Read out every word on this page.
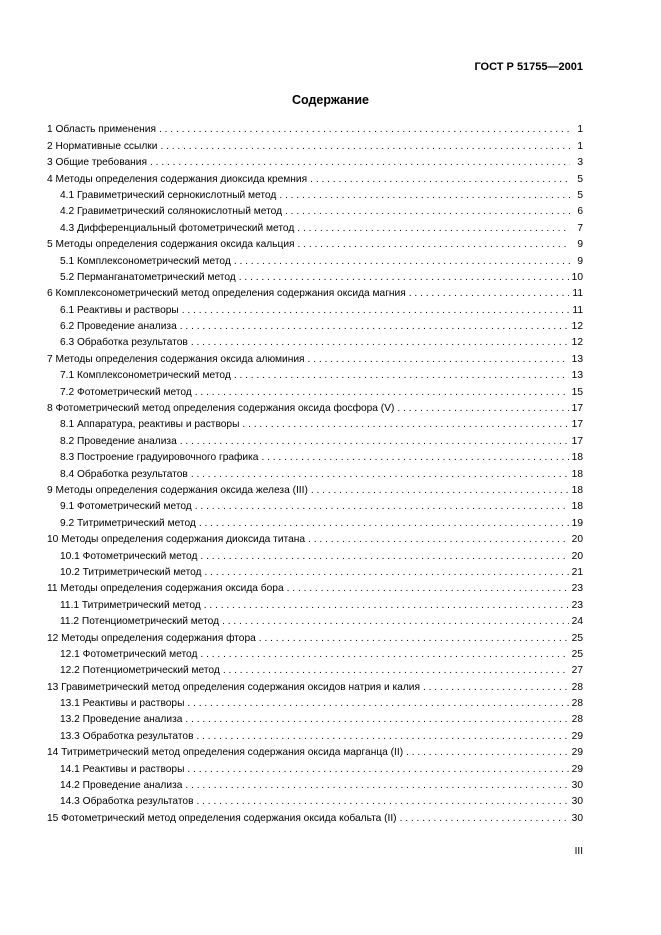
ГОСТ Р 51755—2001
Содержание
1 Область применения . . .	1
2 Нормативные ссылки . . .	1
3 Общие требования . . .	3
4 Методы определения содержания диоксида кремния . . .	5
4.1 Гравиметрический сернокислотный метод . . .	5
4.2 Гравиметрический солянокислотный метод . . .	6
4.3 Дифференциальный фотометрический метод . . .	7
5 Методы определения содержания оксида кальция . . .	9
5.1 Комплексонометрический метод . . .	9
5.2 Перманганатометрический метод . . .	10
6 Комплексонометрический метод определения содержания оксида магния . . .	11
6.1 Реактивы и растворы . . .	11
6.2 Проведение анализа . . .	12
6.3 Обработка результатов . . .	12
7 Методы определения содержания оксида алюминия . . .	13
7.1 Комплексонометрический метод . . .	13
7.2 Фотометрический метод . . .	15
8 Фотометрический метод определения содержания оксида фосфора (V) . . .	17
8.1 Аппаратура, реактивы и растворы . . .	17
8.2 Проведение анализа . . .	17
8.3 Построение градуировочного графика . . .	18
8.4 Обработка результатов . . .	18
9 Методы определения содержания оксида железа (III) . . .	18
9.1 Фотометрический метод . . .	18
9.2 Титриметрический метод . . .	19
10 Методы определения содержания диоксида титана . . .	20
10.1 Фотометрический метод . . .	20
10.2 Титриметрический метод . . .	21
11 Методы определения содержания оксида бора . . .	23
11.1 Титриметрический метод . . .	23
11.2 Потенциометрический метод . . .	24
12 Методы определения содержания фтора . . .	25
12.1 Фотометрический метод . . .	25
12.2 Потенциометрический метод . . .	27
13 Гравиметрический метод определения содержания оксидов натрия и калия . . .	28
13.1 Реактивы и растворы . . .	28
13.2 Проведение анализа . . .	28
13.3 Обработка результатов . . .	29
14 Титриметрический метод определения содержания оксида марганца (II) . . .	29
14.1 Реактивы и растворы . . .	29
14.2 Проведение анализа . . .	30
14.3 Обработка результатов . . .	30
15 Фотометрический метод определения содержания оксида кобальта (II) . . .	30
III
